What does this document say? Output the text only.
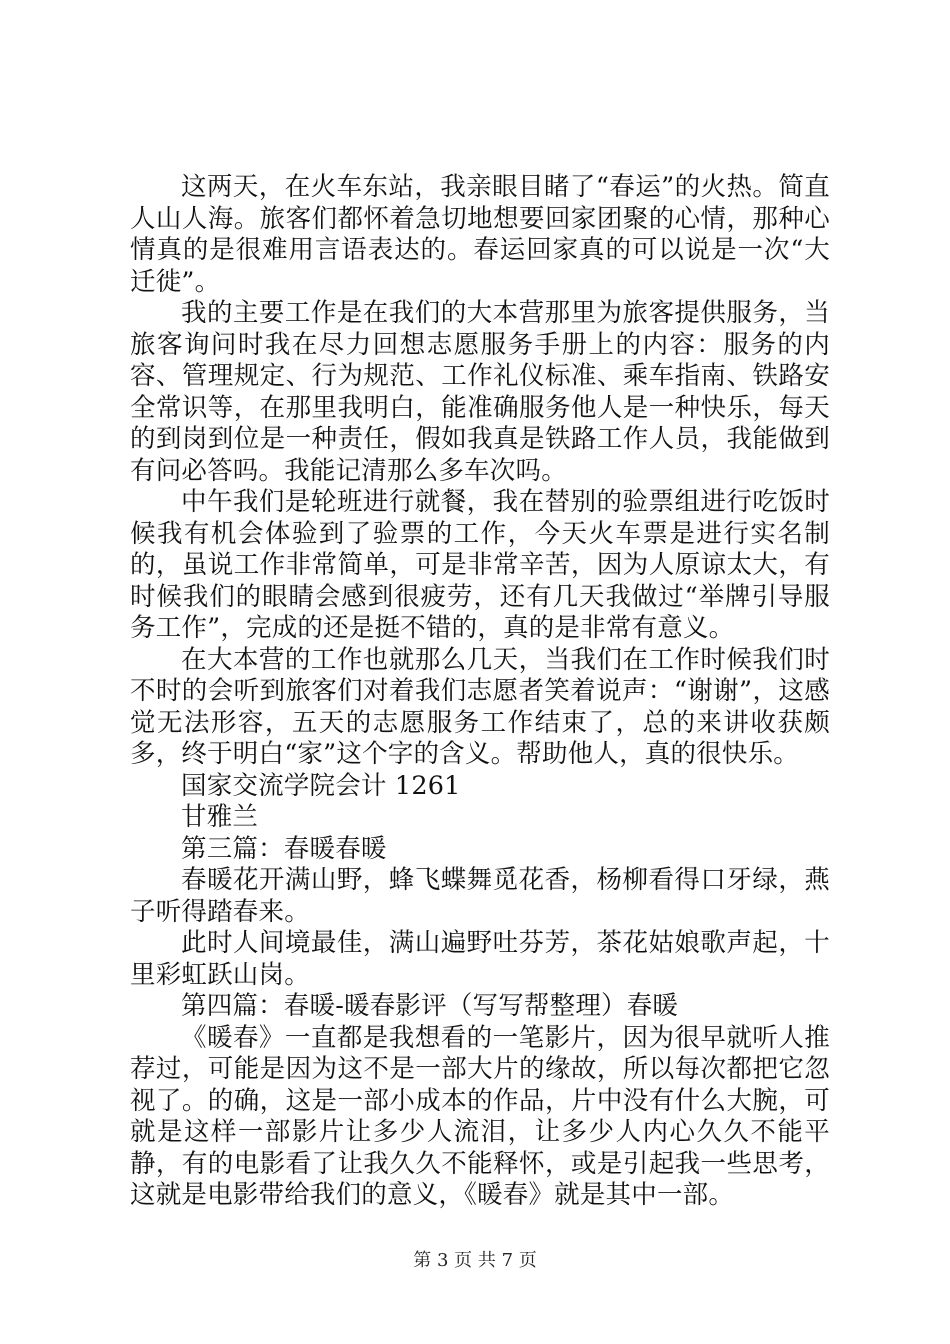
这两天，在火车东站，我亲眼目睹了“春运”的火热。简直人山人海。旅客们都怀着急切地想要回家团聚的心情，那种心情真的是很难用言语表达的。春运回家真的可以说是一次“大迁徙”。

我的主要工作是在我们的大本营那里为旅客提供服务，当旅客询问时我在尽力回想志愿服务手册上的内容：服务的内容、管理规定、行为规范、工作礼仪标准、乘车指南、铁路安全常识等，在那里我明白，能准确服务他人是一种快乐，每天的到岗到位是一种责任，假如我真是铁路工作人员，我能做到有问必答吗。我能记清那么多车次吗。

中午我们是轮班进行就餐，我在替别的验票组进行吃饭时候我有机会体验到了验票的工作，今天火车票是进行实名制的，虽说工作非常简单，可是非常辛苦，因为人原谅太大，有时候我们的眼睛会感到很疲劳，还有几天我做过“举牌引导服务工作”，完成的还是挺不错的，真的是非常有意义。

在大本营的工作也就那么几天，当我们在工作时候我们时不时的会听到旅客们对着我们志愿者笑着说声：“谢谢”，这感觉无法形容，五天的志愿服务工作结束了，总的来讲收获颇多，终于明白“家”这个字的含义。帮助他人，真的很快乐。

国家交流学院会计 1261

甘雅兰

第三篇：春暖春暖

春暖花开满山野，蜂飞蝶舞觅花香，杨柳看得口牙绿，燕子听得踏春来。

此时人间境最佳，满山遍野吐芬芳，茶花姑娘歌声起，十里彩虹跃山岗。

第四篇：春暖-暖春影评（写写帮整理）春暖

《暖春》一直都是我想看的一笔影片，因为很早就听人推荐过，可能是因为这不是一部大片的缘故，所以每次都把它忽视了。的确，这是一部小成本的作品，片中没有什么大腕，可就是这样一部影片让多少人流泪，让多少人内心久久不能平静，有的电影看了让我久久不能释怀，或是引起我一些思考，这就是电影带给我们的意义，《暖春》就是其中一部。

第 3 页 共 7 页
